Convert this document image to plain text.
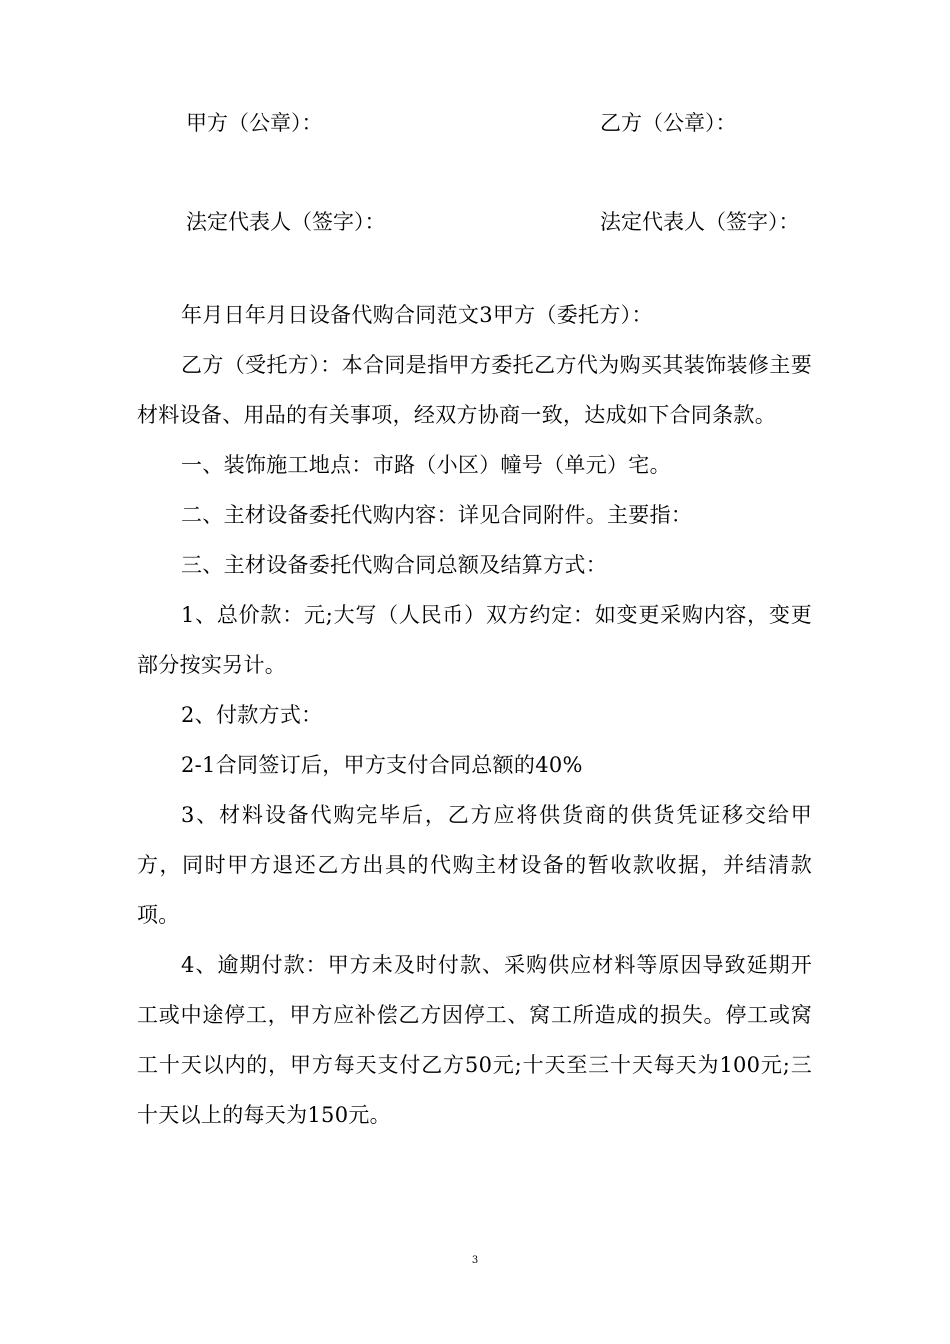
甲方（公章）：	乙方（公章）：
法定代表人（签字）：	法定代表人（签字）：

年月日年月日设备代购合同范文3甲方（委托方）：

乙方（受托方）：本合同是指甲方委托乙方代为购买其装饰装修主要材料设备、用品的有关事项，经双方协商一致，达成如下合同条款。

一、装饰施工地点：市路（小区）幢号（单元）宅。

二、主材设备委托代购内容：详见合同附件。主要指：

三、主材设备委托代购合同总额及结算方式：

1、总价款：元;大写（人民币）双方约定：如变更采购内容，变更部分按实另计。

2、付款方式：

2-1合同签订后，甲方支付合同总额的40%

3、材料设备代购完毕后，乙方应将供货商的供货凭证移交给甲方，同时甲方退还乙方出具的代购主材设备的暂收款收据，并结清款项。

4、逾期付款：甲方未及时付款、采购供应材料等原因导致延期开工或中途停工，甲方应补偿乙方因停工、窝工所造成的损失。停工或窝工十天以内的，甲方每天支付乙方50元;十天至三十天每天为100元;三十天以上的每天为150元。

3
